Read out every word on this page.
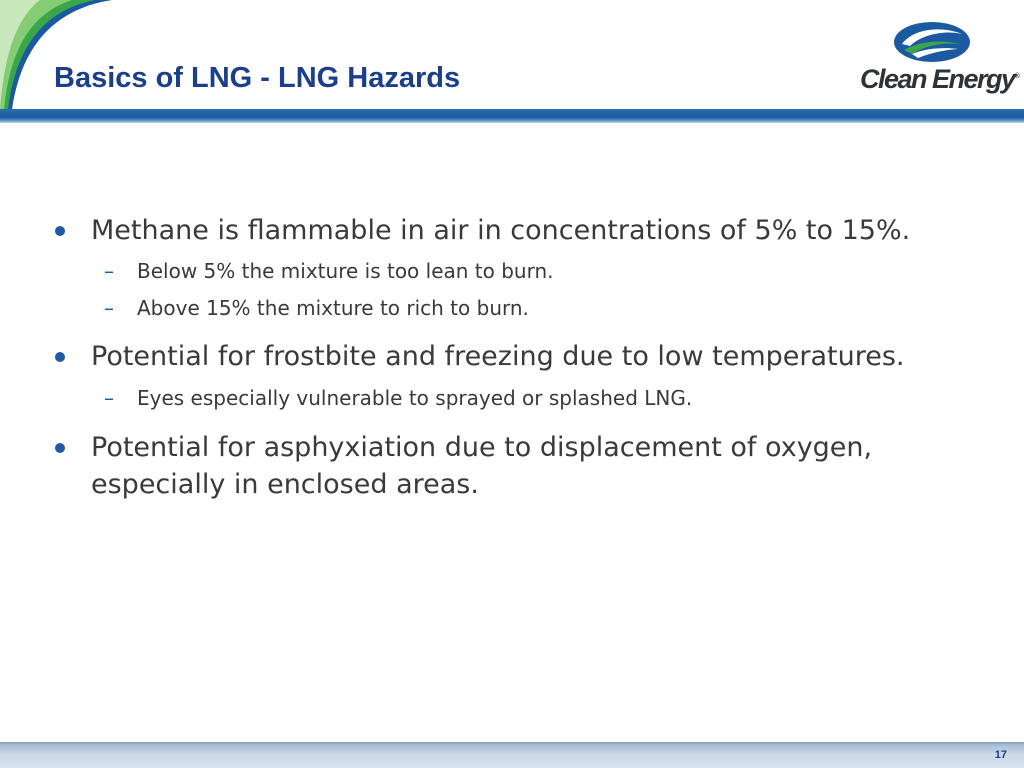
Basics of LNG - LNG Hazards	Clean Energy®
Methane is flammable in air in concentrations of 5% to 15%.
– Below 5% the mixture is too lean to burn.
– Above 15% the mixture to rich to burn.
Potential for frostbite and freezing due to low temperatures.
– Eyes especially vulnerable to sprayed or splashed LNG.
Potential for asphyxiation due to displacement of oxygen,
especially in enclosed areas.
17
